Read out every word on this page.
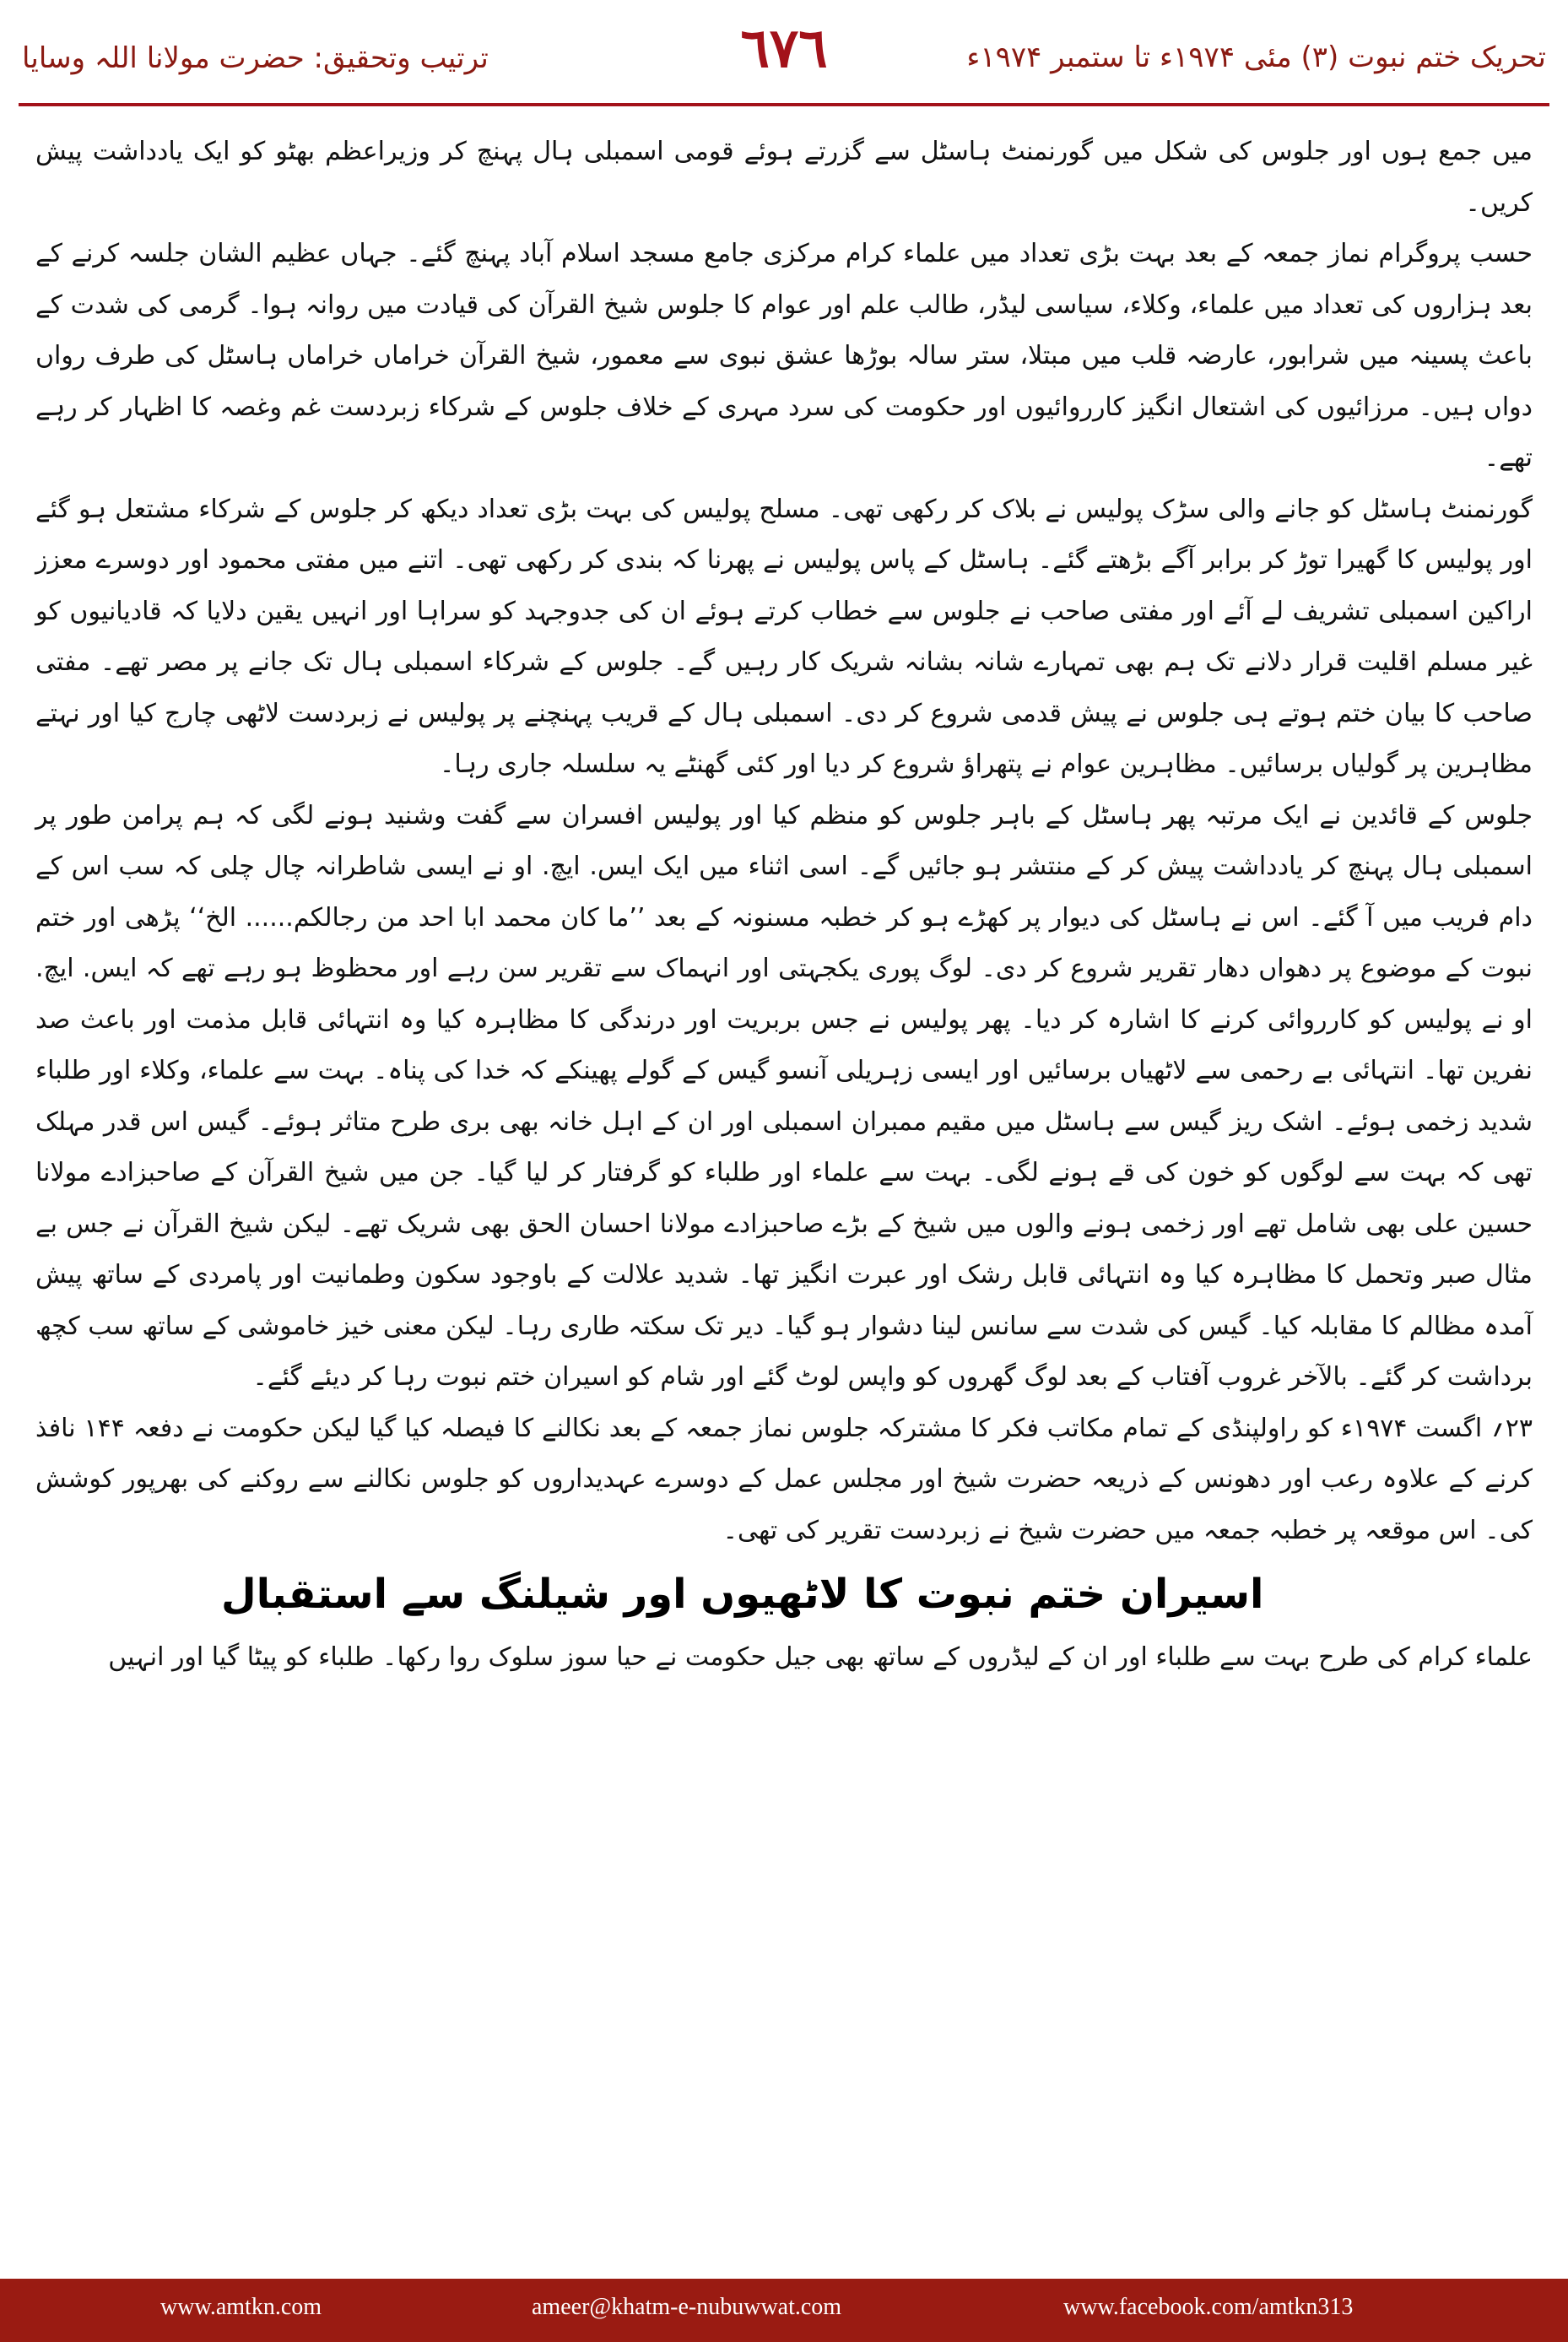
ترتیب وتحقیق: حضرت مولانا اللہ وسایا	٦٧٦	تحریک ختم نبوت (۳) مئی ۱۹۷۴ء تا ستمبر ۱۹۷۴ء

میں جمع ہوں اور جلوس کی شکل میں گورنمنٹ ہاسٹل سے گزرتے ہوئے قومی اسمبلی ہال پہنچ کر وزیراعظم بھٹو کو ایک یادداشت پیش کریں۔

حسب پروگرام نماز جمعہ کے بعد بہت بڑی تعداد میں علماء کرام مرکزی جامع مسجد اسلام آباد پہنچ گئے۔ جہاں عظیم الشان جلسہ کرنے کے بعد ہزاروں کی تعداد میں علماء، وکلاء، سیاسی لیڈر، طالب علم اور عوام کا جلوس شیخ القرآن کی قیادت میں روانہ ہوا۔ گرمی کی شدت کے باعث پسینہ میں شرابور، عارضہ قلب میں مبتلا، ستر سالہ بوڑھا عشق نبوی سے معمور، شیخ القرآن خراماں خراماں ہاسٹل کی طرف رواں دواں ہیں۔ مرزائیوں کی اشتعال انگیز کارروائیوں اور حکومت کی سرد مہری کے خلاف جلوس کے شرکاء زبردست غم وغصہ کا اظہار کر رہے تھے۔

گورنمنٹ ہاسٹل کو جانے والی سڑک پولیس نے بلاک کر رکھی تھی۔ مسلح پولیس کی بہت بڑی تعداد دیکھ کر جلوس کے شرکاء مشتعل ہو گئے اور پولیس کا گھیرا توڑ کر برابر آگے بڑھتے گئے۔ ہاسٹل کے پاس پولیس نے پھرنا کہ بندی کر رکھی تھی۔ اتنے میں مفتی محمود اور دوسرے معزز اراکین اسمبلی تشریف لے آئے اور مفتی صاحب نے جلوس سے خطاب کرتے ہوئے ان کی جدوجہد کو سراہا اور انہیں یقین دلایا کہ قادیانیوں کو غیر مسلم اقلیت قرار دلانے تک ہم بھی تمہارے شانہ بشانہ شریک کار رہیں گے۔ جلوس کے شرکاء اسمبلی ہال تک جانے پر مصر تھے۔ مفتی صاحب کا بیان ختم ہوتے ہی جلوس نے پیش قدمی شروع کر دی۔ اسمبلی ہال کے قریب پہنچنے پر پولیس نے زبردست لاٹھی چارج کیا اور نہتے مظاہرین پر گولیاں برسائیں۔ مظاہرین عوام نے پتھراؤ شروع کر دیا اور کئی گھنٹے یہ سلسلہ جاری رہا۔

جلوس کے قائدین نے ایک مرتبہ پھر ہاسٹل کے باہر جلوس کو منظم کیا اور پولیس افسران سے گفت وشنید ہونے لگی کہ ہم پرامن طور پر اسمبلی ہال پہنچ کر یادداشت پیش کر کے منتشر ہو جائیں گے۔ اسی اثناء میں ایک ایس. ایچ. او نے ایسی شاطرانہ چال چلی کہ سب اس کے دام فریب میں آ گئے۔ اس نے ہاسٹل کی دیوار پر کھڑے ہو کر خطبہ مسنونہ کے بعد ’’ما کان محمد ابا احد من رجالکم...... الخ‘‘ پڑھی اور ختم نبوت کے موضوع پر دھواں دھار تقریر شروع کر دی۔ لوگ پوری یکجہتی اور انہماک سے تقریر سن رہے اور محظوظ ہو رہے تھے کہ ایس. ایچ. او نے پولیس کو کارروائی کرنے کا اشارہ کر دیا۔ پھر پولیس نے جس بربریت اور درندگی کا مظاہرہ کیا وہ انتہائی قابل مذمت اور باعث صد نفرین تھا۔ انتہائی بے رحمی سے لاٹھیاں برسائیں اور ایسی زہریلی آنسو گیس کے گولے پھینکے کہ خدا کی پناہ۔ بہت سے علماء، وکلاء اور طلباء شدید زخمی ہوئے۔ اشک ریز گیس سے ہاسٹل میں مقیم ممبران اسمبلی اور ان کے اہل خانہ بھی بری طرح متاثر ہوئے۔ گیس اس قدر مہلک تھی کہ بہت سے لوگوں کو خون کی قے ہونے لگی۔ بہت سے علماء اور طلباء کو گرفتار کر لیا گیا۔ جن میں شیخ القرآن کے صاحبزادے مولانا حسین علی بھی شامل تھے اور زخمی ہونے والوں میں شیخ کے بڑے صاحبزادے مولانا احسان الحق بھی شریک تھے۔ لیکن شیخ القرآن نے جس بے مثال صبر وتحمل کا مظاہرہ کیا وہ انتہائی قابل رشک اور عبرت انگیز تھا۔ شدید علالت کے باوجود سکون وطمانیت اور پامردی کے ساتھ پیش آمدہ مظالم کا مقابلہ کیا۔ گیس کی شدت سے سانس لینا دشوار ہو گیا۔ دیر تک سکتہ طاری رہا۔ لیکن معنی خیز خاموشی کے ساتھ سب کچھ برداشت کر گئے۔ بالآخر غروب آفتاب کے بعد لوگ گھروں کو واپس لوٹ گئے اور شام کو اسیران ختم نبوت رہا کر دیئے گئے۔

۲۳؍ اگست ۱۹۷۴ء کو راولپنڈی کے تمام مکاتب فکر کا مشترکہ جلوس نماز جمعہ کے بعد نکالنے کا فیصلہ کیا گیا لیکن حکومت نے دفعہ ۱۴۴ نافذ کرنے کے علاوہ رعب اور دھونس کے ذریعہ حضرت شیخ اور مجلس عمل کے دوسرے عہدیداروں کو جلوس نکالنے سے روکنے کی بھرپور کوشش کی۔ اس موقعہ پر خطبہ جمعہ میں حضرت شیخ نے زبردست تقریر کی تھی۔

اسیران ختم نبوت کا لاٹھیوں اور شیلنگ سے استقبال

علماء کرام کی طرح بہت سے طلباء اور ان کے لیڈروں کے ساتھ بھی جیل حکومت نے حیا سوز سلوک روا رکھا۔ طلباء کو پیٹا گیا اور انہیں

www.amtkn.com	ameer@khatm-e-nubuwwat.com	www.facebook.com/amtkn313
